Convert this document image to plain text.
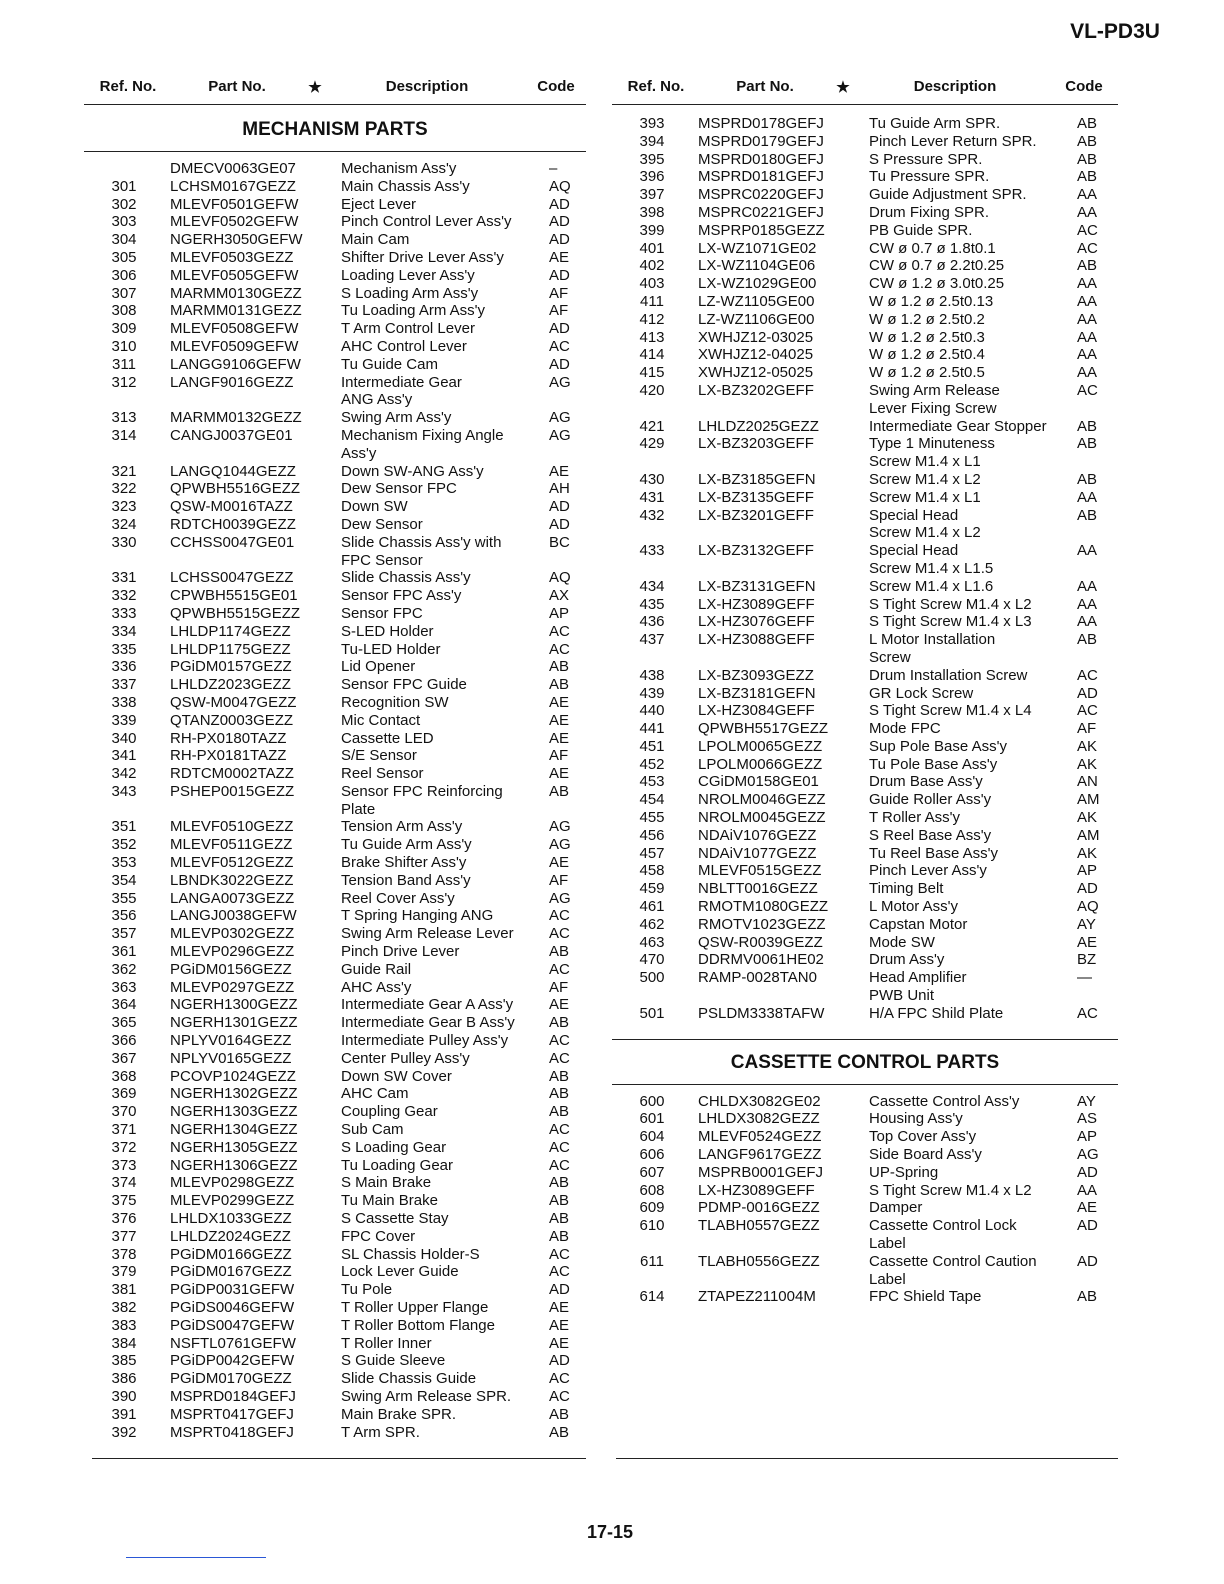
VL-PD3U
Ref. No.	Part No.	★	Description	Code
MECHANISM PARTS
DMECV0063GE07	Mechanism Ass'y	–
301	LCHSM0167GEZZ	Main Chassis Ass'y	AQ
302	MLEVF0501GEFW	Eject Lever	AD
303	MLEVF0502GEFW	Pinch Control Lever Ass'y	AD
304	NGERH3050GEFW	Main Cam	AD
305	MLEVF0503GEZZ	Shifter Drive Lever Ass'y	AE
306	MLEVF0505GEFW	Loading Lever Ass'y	AD
307	MARMM0130GEZZ	S Loading Arm Ass'y	AF
308	MARMM0131GEZZ	Tu Loading Arm Ass'y	AF
309	MLEVF0508GEFW	T Arm Control Lever	AD
310	MLEVF0509GEFW	AHC Control Lever	AC
311	LANGG9106GEFW	Tu Guide Cam	AD
312	LANGF9016GEZZ	Intermediate Gear	AG
ANG Ass'y
313	MARMM0132GEZZ	Swing Arm Ass'y	AG
314	CANGJ0037GE01	Mechanism Fixing Angle	AG
Ass'y
321	LANGQ1044GEZZ	Down SW-ANG Ass'y	AE
322	QPWBH5516GEZZ	Dew Sensor FPC	AH
323	QSW-M0016TAZZ	Down SW	AD
324	RDTCH0039GEZZ	Dew Sensor	AD
330	CCHSS0047GE01	Slide Chassis Ass'y with	BC
FPC Sensor
331	LCHSS0047GEZZ	Slide Chassis Ass'y	AQ
332	CPWBH5515GE01	Sensor FPC Ass'y	AX
333	QPWBH5515GEZZ	Sensor FPC	AP
334	LHLDP1174GEZZ	S-LED Holder	AC
335	LHLDP1175GEZZ	Tu-LED Holder	AC
336	PGiDM0157GEZZ	Lid Opener	AB
337	LHLDZ2023GEZZ	Sensor FPC Guide	AB
338	QSW-M0047GEZZ	Recognition SW	AE
339	QTANZ0003GEZZ	Mic Contact	AE
340	RH-PX0180TAZZ	Cassette LED	AE
341	RH-PX0181TAZZ	S/E Sensor	AF
342	RDTCM0002TAZZ	Reel Sensor	AE
343	PSHEP0015GEZZ	Sensor FPC Reinforcing	AB
Plate
351	MLEVF0510GEZZ	Tension Arm Ass'y	AG
352	MLEVF0511GEZZ	Tu Guide Arm Ass'y	AG
353	MLEVF0512GEZZ	Brake Shifter Ass'y	AE
354	LBNDK3022GEZZ	Tension Band Ass'y	AF
355	LANGA0073GEZZ	Reel Cover Ass'y	AG
356	LANGJ0038GEFW	T Spring Hanging ANG	AC
357	MLEVP0302GEZZ	Swing Arm Release Lever	AC
361	MLEVP0296GEZZ	Pinch Drive Lever	AB
362	PGiDM0156GEZZ	Guide Rail	AC
363	MLEVP0297GEZZ	AHC Ass'y	AF
364	NGERH1300GEZZ	Intermediate Gear A Ass'y	AE
365	NGERH1301GEZZ	Intermediate Gear B Ass'y	AB
366	NPLYV0164GEZZ	Intermediate Pulley Ass'y	AC
367	NPLYV0165GEZZ	Center Pulley Ass'y	AC
368	PCOVP1024GEZZ	Down SW Cover	AB
369	NGERH1302GEZZ	AHC Cam	AB
370	NGERH1303GEZZ	Coupling Gear	AB
371	NGERH1304GEZZ	Sub Cam	AC
372	NGERH1305GEZZ	S Loading Gear	AC
373	NGERH1306GEZZ	Tu Loading Gear	AC
374	MLEVP0298GEZZ	S Main Brake	AB
375	MLEVP0299GEZZ	Tu Main Brake	AB
376	LHLDX1033GEZZ	S Cassette Stay	AB
377	LHLDZ2024GEZZ	FPC Cover	AB
378	PGiDM0166GEZZ	SL Chassis Holder-S	AC
379	PGiDM0167GEZZ	Lock Lever Guide	AC
381	PGiDP0031GEFW	Tu Pole	AD
382	PGiDS0046GEFW	T Roller Upper Flange	AE
383	PGiDS0047GEFW	T Roller Bottom Flange	AE
384	NSFTL0761GEFW	T Roller Inner	AE
385	PGiDP0042GEFW	S Guide Sleeve	AD
386	PGiDM0170GEZZ	Slide Chassis Guide	AC
390	MSPRD0184GEFJ	Swing Arm Release SPR.	AC
391	MSPRT0417GEFJ	Main Brake SPR.	AB
392	MSPRT0418GEFJ	T Arm SPR.	AB
Ref. No.	Part No.	★	Description	Code
393	MSPRD0178GEFJ	Tu Guide Arm SPR.	AB
394	MSPRD0179GEFJ	Pinch Lever Return SPR.	AB
395	MSPRD0180GEFJ	S Pressure SPR.	AB
396	MSPRD0181GEFJ	Tu Pressure SPR.	AB
397	MSPRC0220GEFJ	Guide Adjustment SPR.	AA
398	MSPRC0221GEFJ	Drum Fixing SPR.	AA
399	MSPRP0185GEZZ	PB Guide SPR.	AC
401	LX-WZ1071GE02	CW ø 0.7 ø 1.8t0.1	AC
402	LX-WZ1104GE06	CW ø 0.7 ø 2.2t0.25	AB
403	LX-WZ1029GE00	CW ø 1.2 ø 3.0t0.25	AA
411	LZ-WZ1105GE00	W ø 1.2 ø 2.5t0.13	AA
412	LZ-WZ1106GE00	W ø 1.2 ø 2.5t0.2	AA
413	XWHJZ12-03025	W ø 1.2 ø 2.5t0.3	AA
414	XWHJZ12-04025	W ø 1.2 ø 2.5t0.4	AA
415	XWHJZ12-05025	W ø 1.2 ø 2.5t0.5	AA
420	LX-BZ3202GEFF	Swing Arm Release	AC
Lever Fixing Screw
421	LHLDZ2025GEZZ	Intermediate Gear Stopper	AB
429	LX-BZ3203GEFF	Type 1 Minuteness	AB
Screw M1.4 x L1
430	LX-BZ3185GEFN	Screw M1.4 x L2	AB
431	LX-BZ3135GEFF	Screw M1.4 x L1	AA
432	LX-BZ3201GEFF	Special Head	AB
Screw M1.4 x L2
433	LX-BZ3132GEFF	Special Head	AA
Screw M1.4 x L1.5
434	LX-BZ3131GEFN	Screw M1.4 x L1.6	AA
435	LX-HZ3089GEFF	S Tight Screw M1.4 x L2	AA
436	LX-HZ3076GEFF	S Tight Screw M1.4 x L3	AA
437	LX-HZ3088GEFF	L Motor Installation	AB
Screw
438	LX-BZ3093GEZZ	Drum Installation Screw	AC
439	LX-BZ3181GEFN	GR Lock Screw	AD
440	LX-HZ3084GEFF	S Tight Screw M1.4 x L4	AC
441	QPWBH5517GEZZ	Mode FPC	AF
451	LPOLM0065GEZZ	Sup Pole Base Ass'y	AK
452	LPOLM0066GEZZ	Tu Pole Base Ass'y	AK
453	CGiDM0158GE01	Drum Base Ass'y	AN
454	NROLM0046GEZZ	Guide Roller Ass'y	AM
455	NROLM0045GEZZ	T Roller Ass'y	AK
456	NDAiV1076GEZZ	S Reel Base Ass'y	AM
457	NDAiV1077GEZZ	Tu Reel Base Ass'y	AK
458	MLEVF0515GEZZ	Pinch Lever Ass'y	AP
459	NBLTT0016GEZZ	Timing Belt	AD
461	RMOTM1080GEZZ	L Motor Ass'y	AQ
462	RMOTV1023GEZZ	Capstan Motor	AY
463	QSW-R0039GEZZ	Mode SW	AE
470	DDRMV0061HE02	Drum Ass'y	BZ
500	RAMP-0028TAN0	Head Amplifier	—
PWB Unit
501	PSLDM3338TAFW	H/A FPC Shild Plate	AC
CASSETTE CONTROL PARTS
600	CHLDX3082GE02	Cassette Control Ass'y	AY
601	LHLDX3082GEZZ	Housing Ass'y	AS
604	MLEVF0524GEZZ	Top Cover Ass'y	AP
606	LANGF9617GEZZ	Side Board Ass'y	AG
607	MSPRB0001GEFJ	UP-Spring	AD
608	LX-HZ3089GEFF	S Tight Screw M1.4 x L2	AA
609	PDMP-0016GEZZ	Damper	AE
610	TLABH0557GEZZ	Cassette Control Lock	AD
Label
611	TLABH0556GEZZ	Cassette Control Caution	AD
Label
614	ZTAPEZ211004M	FPC Shield Tape	AB
17-15
